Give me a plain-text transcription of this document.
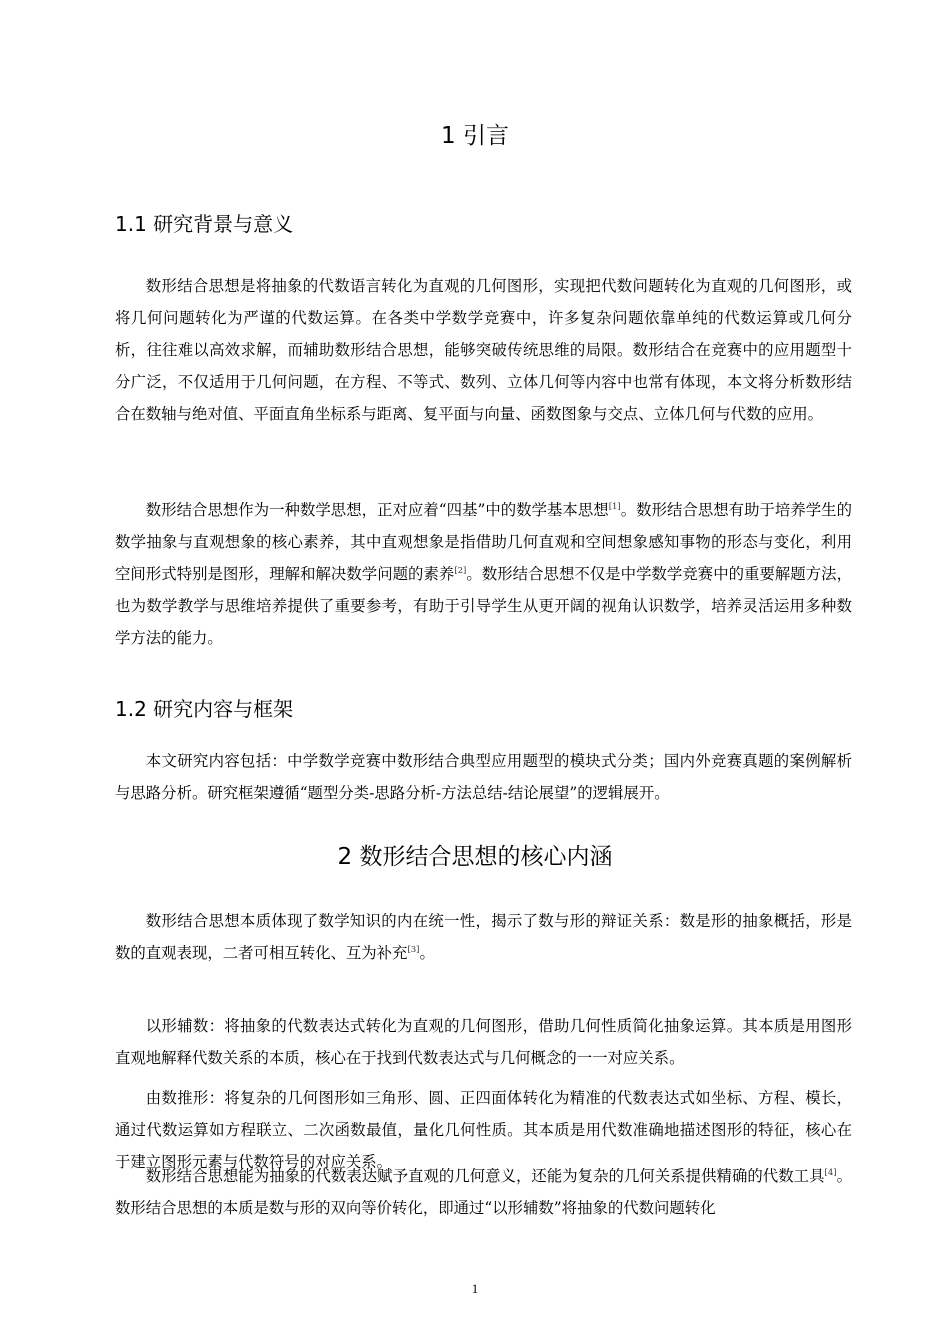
1 引言
1.1 研究背景与意义

数形结合思想是将抽象的代数语言转化为直观的几何图形，实现把代数问题转化为直观的几何图形，或将几何问题转化为严谨的代数运算。在各类中学数学竞赛中，许多复杂问题依靠单纯的代数运算或几何分析，往往难以高效求解，而辅助数形结合思想，能够突破传统思维的局限。数形结合在竞赛中的应用题型十分广泛，不仅适用于几何问题，在方程、不等式、数列、立体几何等内容中也常有体现，本文将分析数形结合在数轴与绝对值、平面直角坐标系与距离、复平面与向量、函数图象与交点、立体几何与代数的应用。

数形结合思想作为一种数学思想，正对应着“四基”中的数学基本思想[1]。数形结合思想有助于培养学生的数学抽象与直观想象的核心素养，其中直观想象是指借助几何直观和空间想象感知事物的形态与变化，利用空间形式特别是图形，理解和解决数学问题的素养[2]。数形结合思想不仅是中学数学竞赛中的重要解题方法，也为数学教学与思维培养提供了重要参考，有助于引导学生从更开阔的视角认识数学，培养灵活运用多种数学方法的能力。

1.2 研究内容与框架

本文研究内容包括：中学数学竞赛中数形结合典型应用题型的模块式分类；国内外竞赛真题的案例解析与思路分析。研究框架遵循“题型分类-思路分析-方法总结-结论展望”的逻辑展开。

2 数形结合思想的核心内涵

数形结合思想本质体现了数学知识的内在统一性，揭示了数与形的辩证关系：数是形的抽象概括，形是数的直观表现，二者可相互转化、互为补充[3]。

以形辅数：将抽象的代数表达式转化为直观的几何图形，借助几何性质简化抽象运算。其本质是用图形直观地解释代数关系的本质，核心在于找到代数表达式与几何概念的一一对应关系。

由数推形：将复杂的几何图形如三角形、圆、正四面体转化为精准的代数表达式如坐标、方程、模长，通过代数运算如方程联立、二次函数最值，量化几何性质。其本质是用代数准确地描述图形的特征，核心在于建立图形元素与代数符号的对应关系。

数形结合思想能为抽象的代数表达赋予直观的几何意义，还能为复杂的几何关系提供精确的代数工具[4]。数形结合思想的本质是数与形的双向等价转化，即通过“以形辅数”将抽象的代数问题转化

1
